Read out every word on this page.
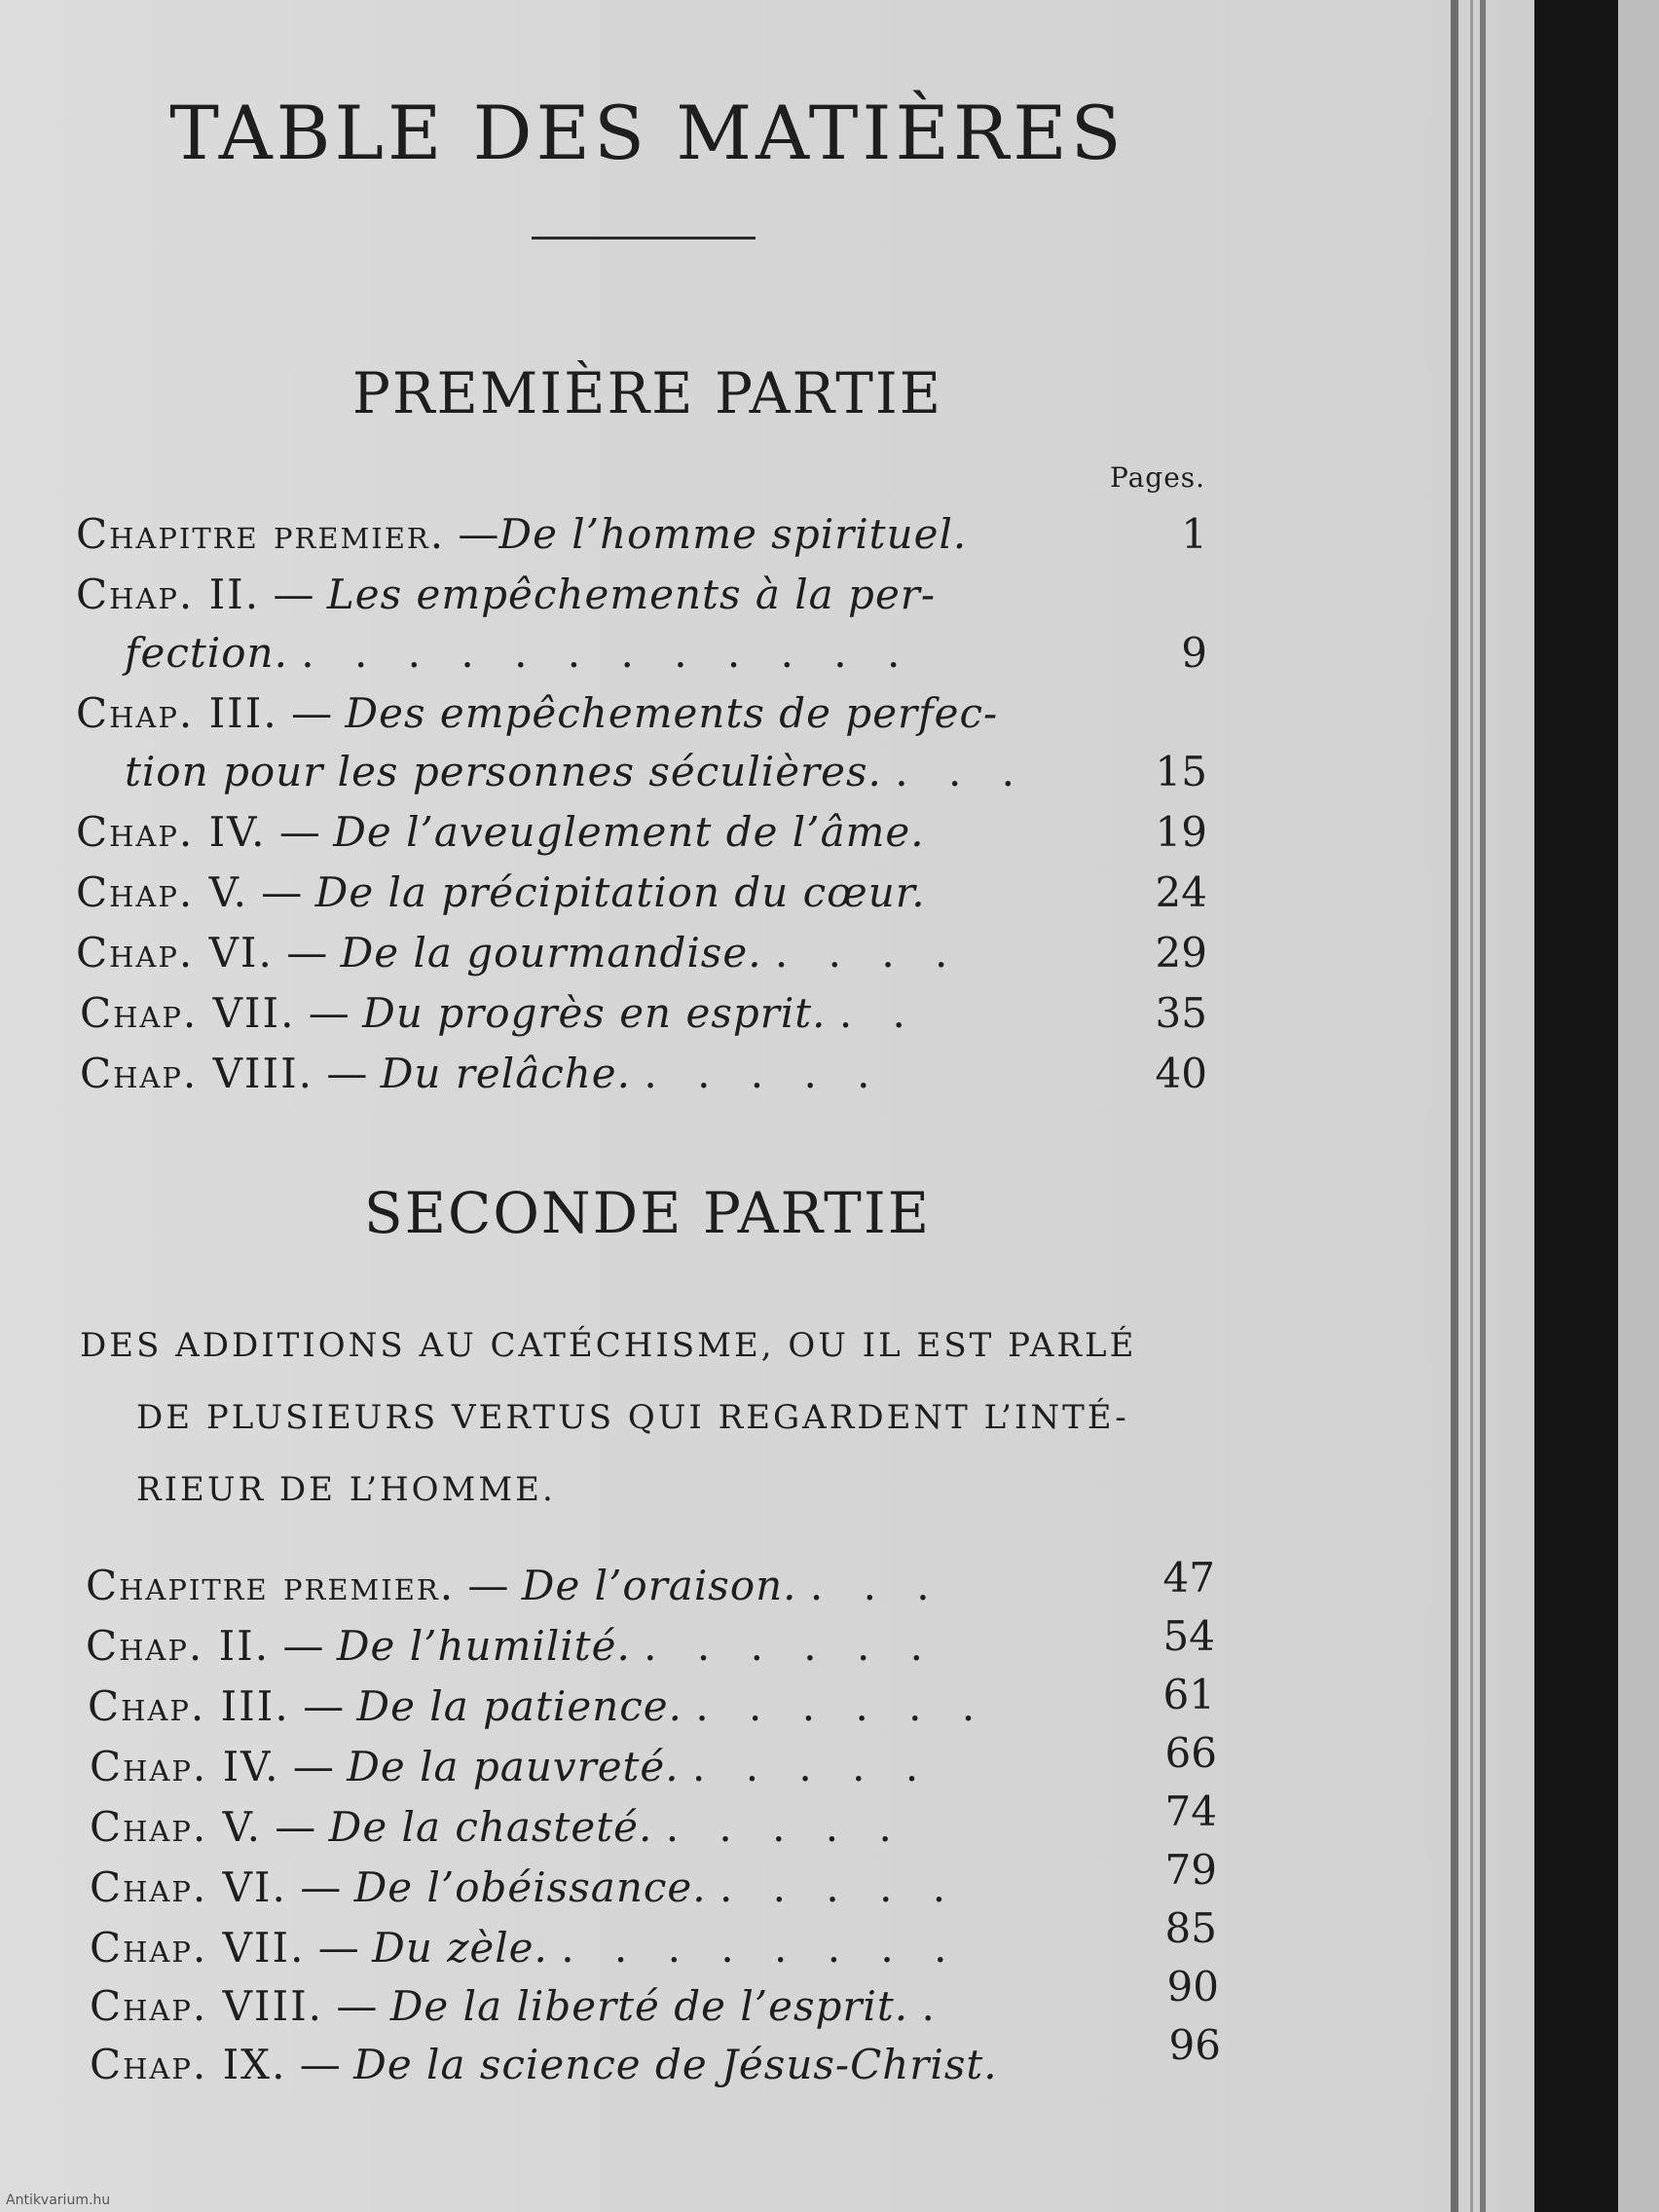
TABLE DES MATIÈRES
PREMIÈRE PARTIE
Pages.
Chapitre premier. —De l’homme spirituel.	1
Chap. II. — Les empêchements à la per-
fection. . . . . . . . . . . . .	9
Chap. III. — Des empêchements de perfec-
tion pour les personnes séculières. . . .	15
Chap. IV. — De l’aveuglement de l’âme.	19
Chap. V. — De la précipitation du cœur.	24
Chap. VI. — De la gourmandise. . . . .	29
Chap. VII. — Du progrès en esprit. . .	35
Chap. VIII. — Du relâche. . . . . .	40
SECONDE PARTIE
DES ADDITIONS AU CATÉCHISME, OU IL EST PARLÉ
DE PLUSIEURS VERTUS QUI REGARDENT L’INTÉ-
RIEUR DE L’HOMME.
Chapitre premier. — De l’oraison. . . .	47
Chap. II. — De l’humilité. . . . . . .	54
Chap. III. — De la patience. . . . . . .	61
Chap. IV. — De la pauvreté. . . . . .	66
Chap. V. — De la chasteté. . . . . .	74
Chap. VI. — De l’obéissance. . . . . .	79
Chap. VII. — Du zèle. . . . . . . . .	85
Chap. VIII. — De la liberté de l’esprit. .	90
Chap. IX. — De la science de Jésus-Christ.	96
Antikvarium.hu
